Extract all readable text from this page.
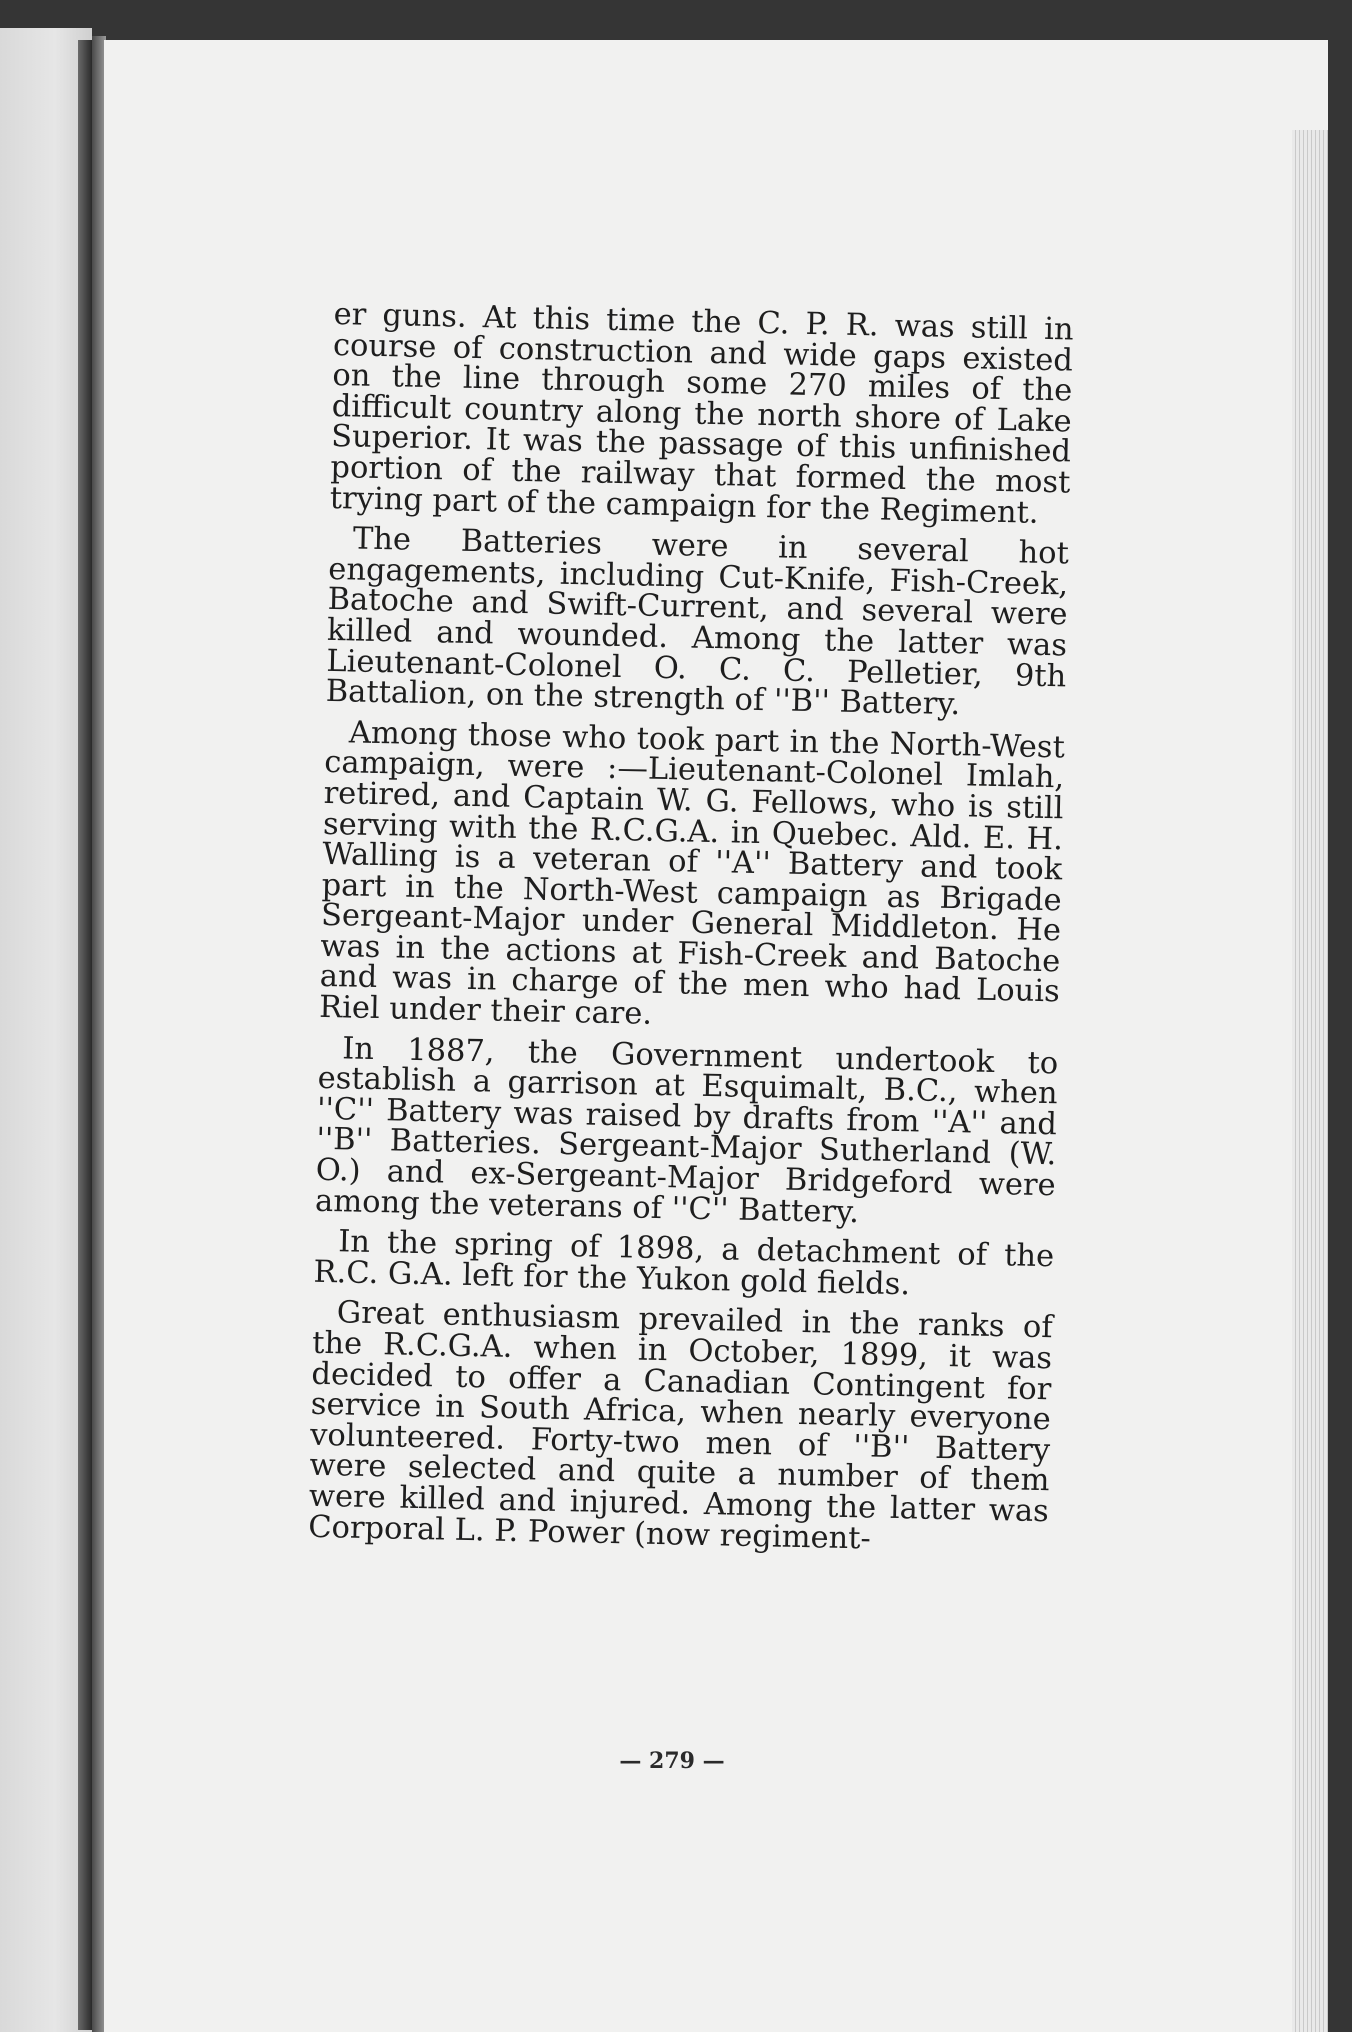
er guns. At this time the C. P. R. was still in course of construction and wide gaps existed on the line through some 270 miles of the difficult country along the north shore of Lake Superior. It was the passage of this unfinished portion of the railway that formed the most trying part of the campaign for the Regiment.

The Batteries were in several hot engagements, including Cut-Knife, Fish-Creek, Batoche and Swift-Current, and several were killed and wounded. Among the latter was Lieutenant-Colonel O. C. C. Pelletier, 9th Battalion, on the strength of ''B'' Battery.

Among those who took part in the North-West campaign, were :—Lieutenant-Colonel Imlah, retired, and Captain W. G. Fellows, who is still serving with the R.C.G.A. in Quebec. Ald. E. H. Walling is a veteran of ''A'' Battery and took part in the North-West campaign as Brigade Sergeant-Major under General Middleton. He was in the actions at Fish-Creek and Batoche and was in charge of the men who had Louis Riel under their care.

In 1887, the Government undertook to establish a garrison at Esquimalt, B.C., when ''C'' Battery was raised by drafts from ''A'' and ''B'' Batteries. Sergeant-Major Sutherland (W. O.) and ex-Sergeant-Major Bridgeford were among the veterans of ''C'' Battery.

In the spring of 1898, a detachment of the R.C. G.A. left for the Yukon gold fields.

Great enthusiasm prevailed in the ranks of the R.C.G.A. when in October, 1899, it was decided to offer a Canadian Contingent for service in South Africa, when nearly everyone volunteered. Forty-two men of ''B'' Battery were selected and quite a number of them were killed and injured. Among the latter was Corporal L. P. Power (now regiment-

— 279 —
